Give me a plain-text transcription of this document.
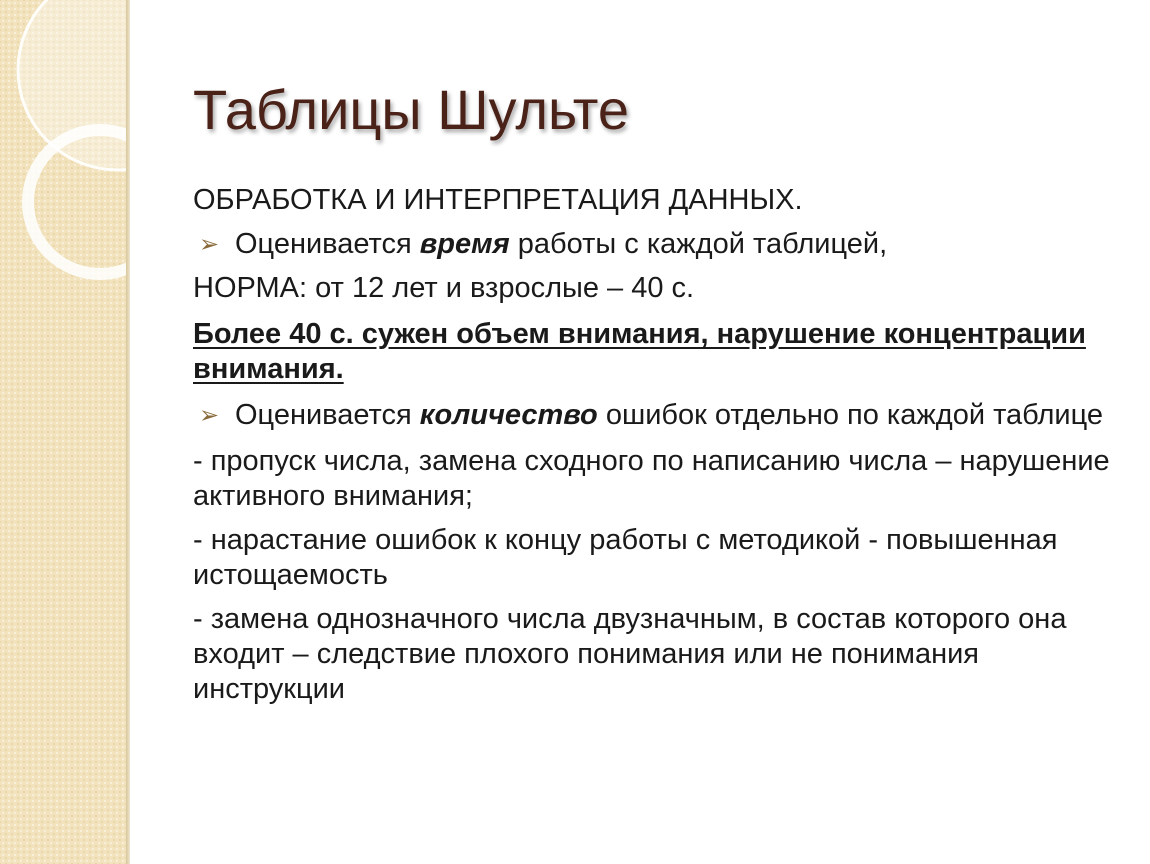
Таблицы Шульте

ОБРАБОТКА И ИНТЕРПРЕТАЦИЯ ДАННЫХ.

➢ Оценивается время работы с каждой таблицей,

НОРМА: от 12 лет и взрослые – 40 с.

Более 40 с. сужен объем внимания, нарушение концентрации внимания.

➢ Оценивается количество ошибок отдельно по каждой таблице

- пропуск числа, замена сходного по написанию числа – нарушение активного внимания;

- нарастание ошибок к концу работы с методикой - повышенная истощаемость

- замена однозначного числа двузначным, в состав которого она входит – следствие плохого понимания или не понимания инструкции
